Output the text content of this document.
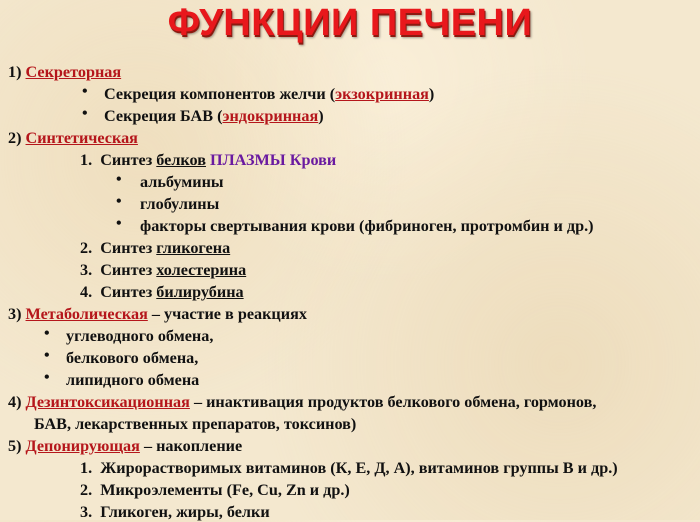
ФУНКЦИИ ПЕЧЕНИ
1) Секреторная
• Секреция компонентов желчи (экзокринная)
• Секреция БАВ (эндокринная)
2) Синтетическая
1. Синтез белков ПЛАЗМЫ Крови
• альбумины
• глобулины
• факторы свертывания крови (фибриноген, протромбин и др.)
2. Синтез гликогена
3. Синтез холестерина
4. Синтез билирубина
3) Метаболическая – участие в реакциях
• углеводного обмена,
• белкового обмена,
• липидного обмена
4) Дезинтоксикационная – инактивация продуктов белкового обмена, гормонов,
БАВ, лекарственных препаратов, токсинов)
5) Депонирующая – накопление
1. Жирорастворимых витаминов (К, Е, Д, А), витаминов группы В и др.)
2. Микроэлементы (Fe, Cu, Zn и др.)
3. Гликоген, жиры, белки
